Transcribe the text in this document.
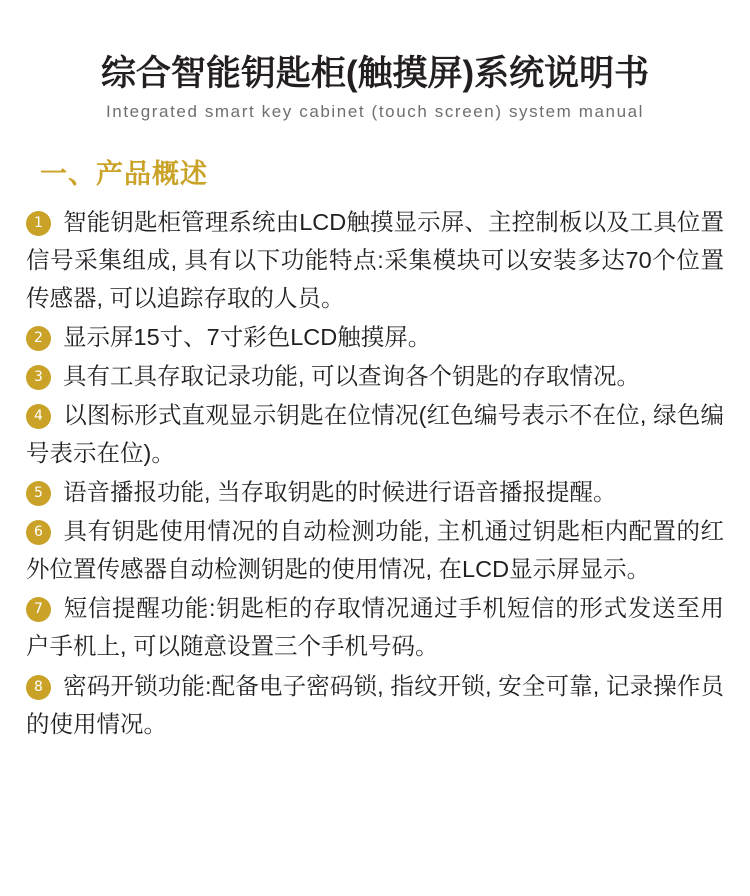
综合智能钥匙柜(触摸屏)系统说明书
Integrated smart key cabinet (touch screen) system manual
一、产品概述

1 智能钥匙柜管理系统由LCD触摸显示屏、主控制板以及工具位置信号采集组成, 具有以下功能特点:采集模块可以安装多达70个位置传感器, 可以追踪存取的人员。

2 显示屏15寸、7寸彩色LCD触摸屏。

3 具有工具存取记录功能, 可以查询各个钥匙的存取情况。

4 以图标形式直观显示钥匙在位情况(红色编号表示不在位, 绿色编号表示在位)。

5 语音播报功能, 当存取钥匙的时候进行语音播报提醒。

6 具有钥匙使用情况的自动检测功能, 主机通过钥匙柜内配置的红外位置传感器自动检测钥匙的使用情况, 在LCD显示屏显示。

7 短信提醒功能:钥匙柜的存取情况通过手机短信的形式发送至用户手机上, 可以随意设置三个手机号码。

8 密码开锁功能:配备电子密码锁, 指纹开锁, 安全可靠, 记录操作员的使用情况。
